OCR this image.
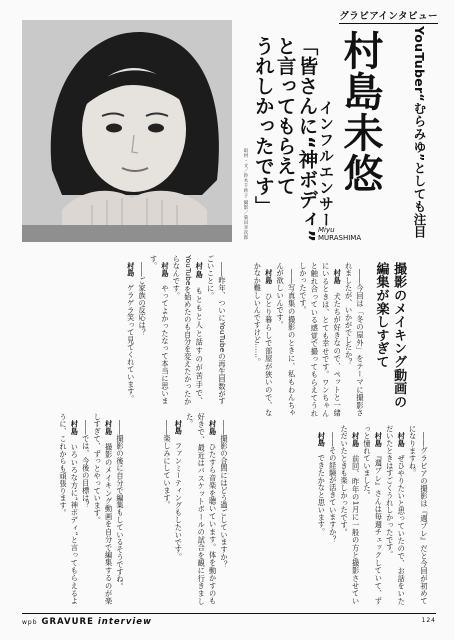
グラビアインタビュー
取材・文／鈴木千紗子 撮影／菊田幸次郎	YouTuber“むらみゆ”としても注目
村島未悠
インフルエンサー
Miyu
MURASHIMA
「皆さんに“神ボディ”
と言ってもらえて
うれしかったです」
撮影のメイキング動画の
編集が楽しすぎて
――今回は「冬の屋外」をテーマに撮影されましたが、いかがでしたか？
村島　犬たちが好きなので、ペットと一緒にいるときは、とても幸せです。ワンちゃんと触れ合っている感覚で撮ってもらえてうれしかったです。
――写真集の撮影のときに、私もわんちゃんが欲しいんです。
村島　ひとり暮らしで部屋が狭いので、なかなか難しいんですけど……。
――グラビアの撮影は『週プレ』だと今回が初めてになりますね。
村島　ぜひやりたいと思っていたので、お話をいただいたときはすごくうれしかったです。
村島　『週プレ』さんは毎週チェックしていて、ずっと憧れていました。
村島　前回、昨年の1月に一般の方と撮影させていただいたときも楽しかったです。
――その経験が活きていますか？
村島　できたかなと思います。
――昨年、ついにYouTubeの再生回数がすごいことに。
村島　もともと人と話すのが苦手で、YouTubeを始めたのも自分を変えたかったからなんです。
村島　やってよかったなって本当に思います。
――ご家族の反応は？
村島　ゲラゲラ笑って見てくれています。
――撮影の後に自分で編集もしているそうですね。
村島　撮影のメイキング動画を自分で編集するのが楽しすぎて、ずっとやっています。
――では、今後の目標は？
村島　いろいろな方に“神ボディ”と言ってもらえるように、これからも頑張ります。	――撮影の合間にはどう過ごしていますか？
村島　ひたすら音楽を聴いています。体を動かすのも好きで、最近はバスケットボールの試合を観に行きました。
村島　ファンミーティングもしたいです。
――楽しみにしています。
wpb GRAVURE interview	124
